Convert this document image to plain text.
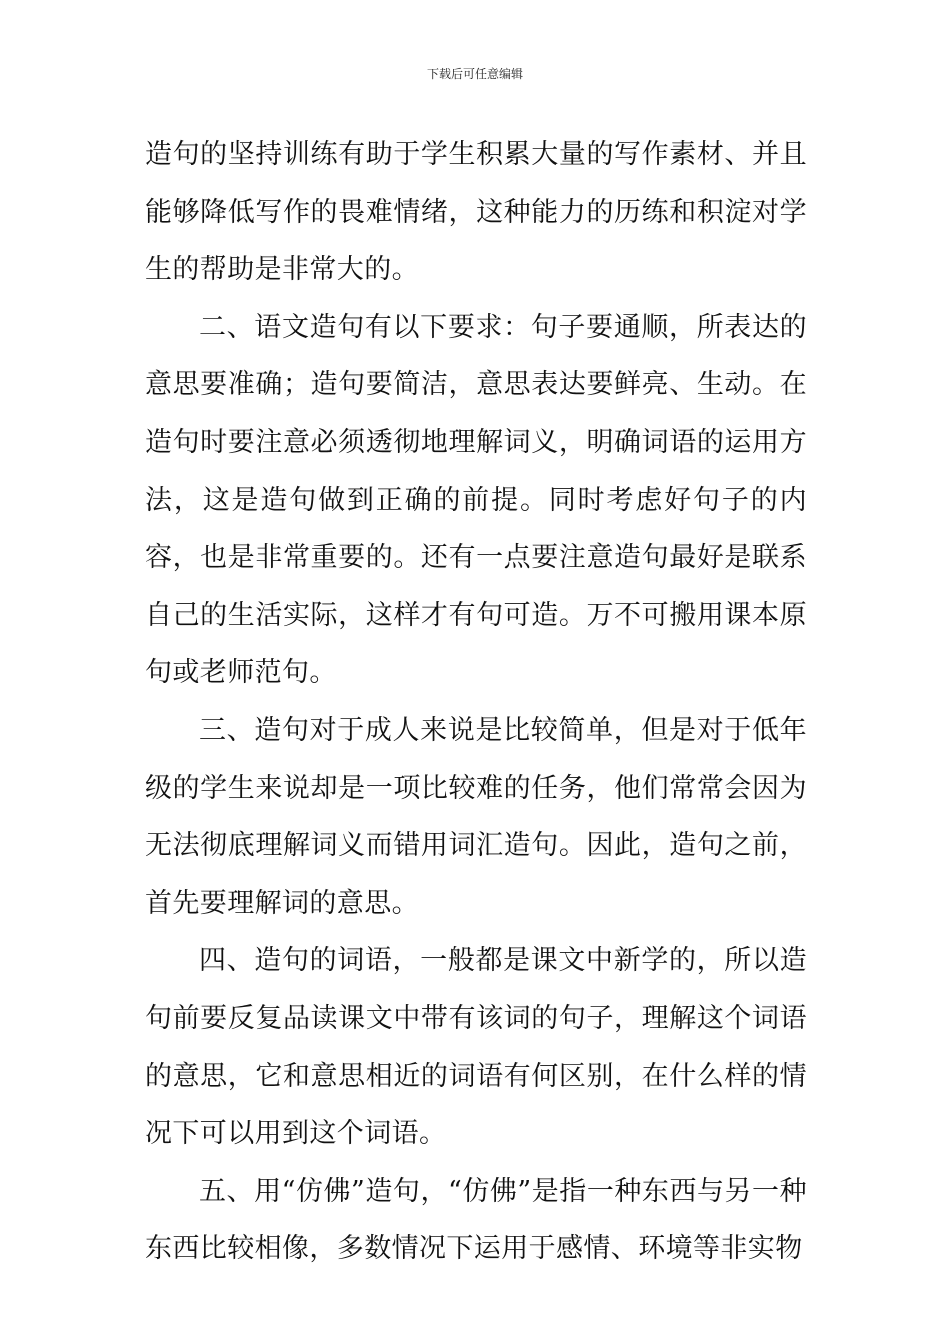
下载后可任意编辑

造句的坚持训练有助于学生积累大量的写作素材、并且能够降低写作的畏难情绪，这种能力的历练和积淀对学生的帮助是非常大的。

二、语文造句有以下要求：句子要通顺，所表达的意思要准确；造句要简洁，意思表达要鲜亮、生动。在造句时要注意必须透彻地理解词义，明确词语的运用方法，这是造句做到正确的前提。同时考虑好句子的内容，也是非常重要的。还有一点要注意造句最好是联系自己的生活实际，这样才有句可造。万不可搬用课本原句或老师范句。

三、造句对于成人来说是比较简单，但是对于低年级的学生来说却是一项比较难的任务，他们常常会因为无法彻底理解词义而错用词汇造句。因此，造句之前，首先要理解词的意思。

四、造句的词语，一般都是课文中新学的，所以造句前要反复品读课文中带有该词的句子，理解这个词语的意思，它和意思相近的词语有何区别，在什么样的情况下可以用到这个词语。

五、用“仿佛”造句，“仿佛”是指一种东西与另一种东西比较相像，多数情况下运用于感情、环境等非实物
